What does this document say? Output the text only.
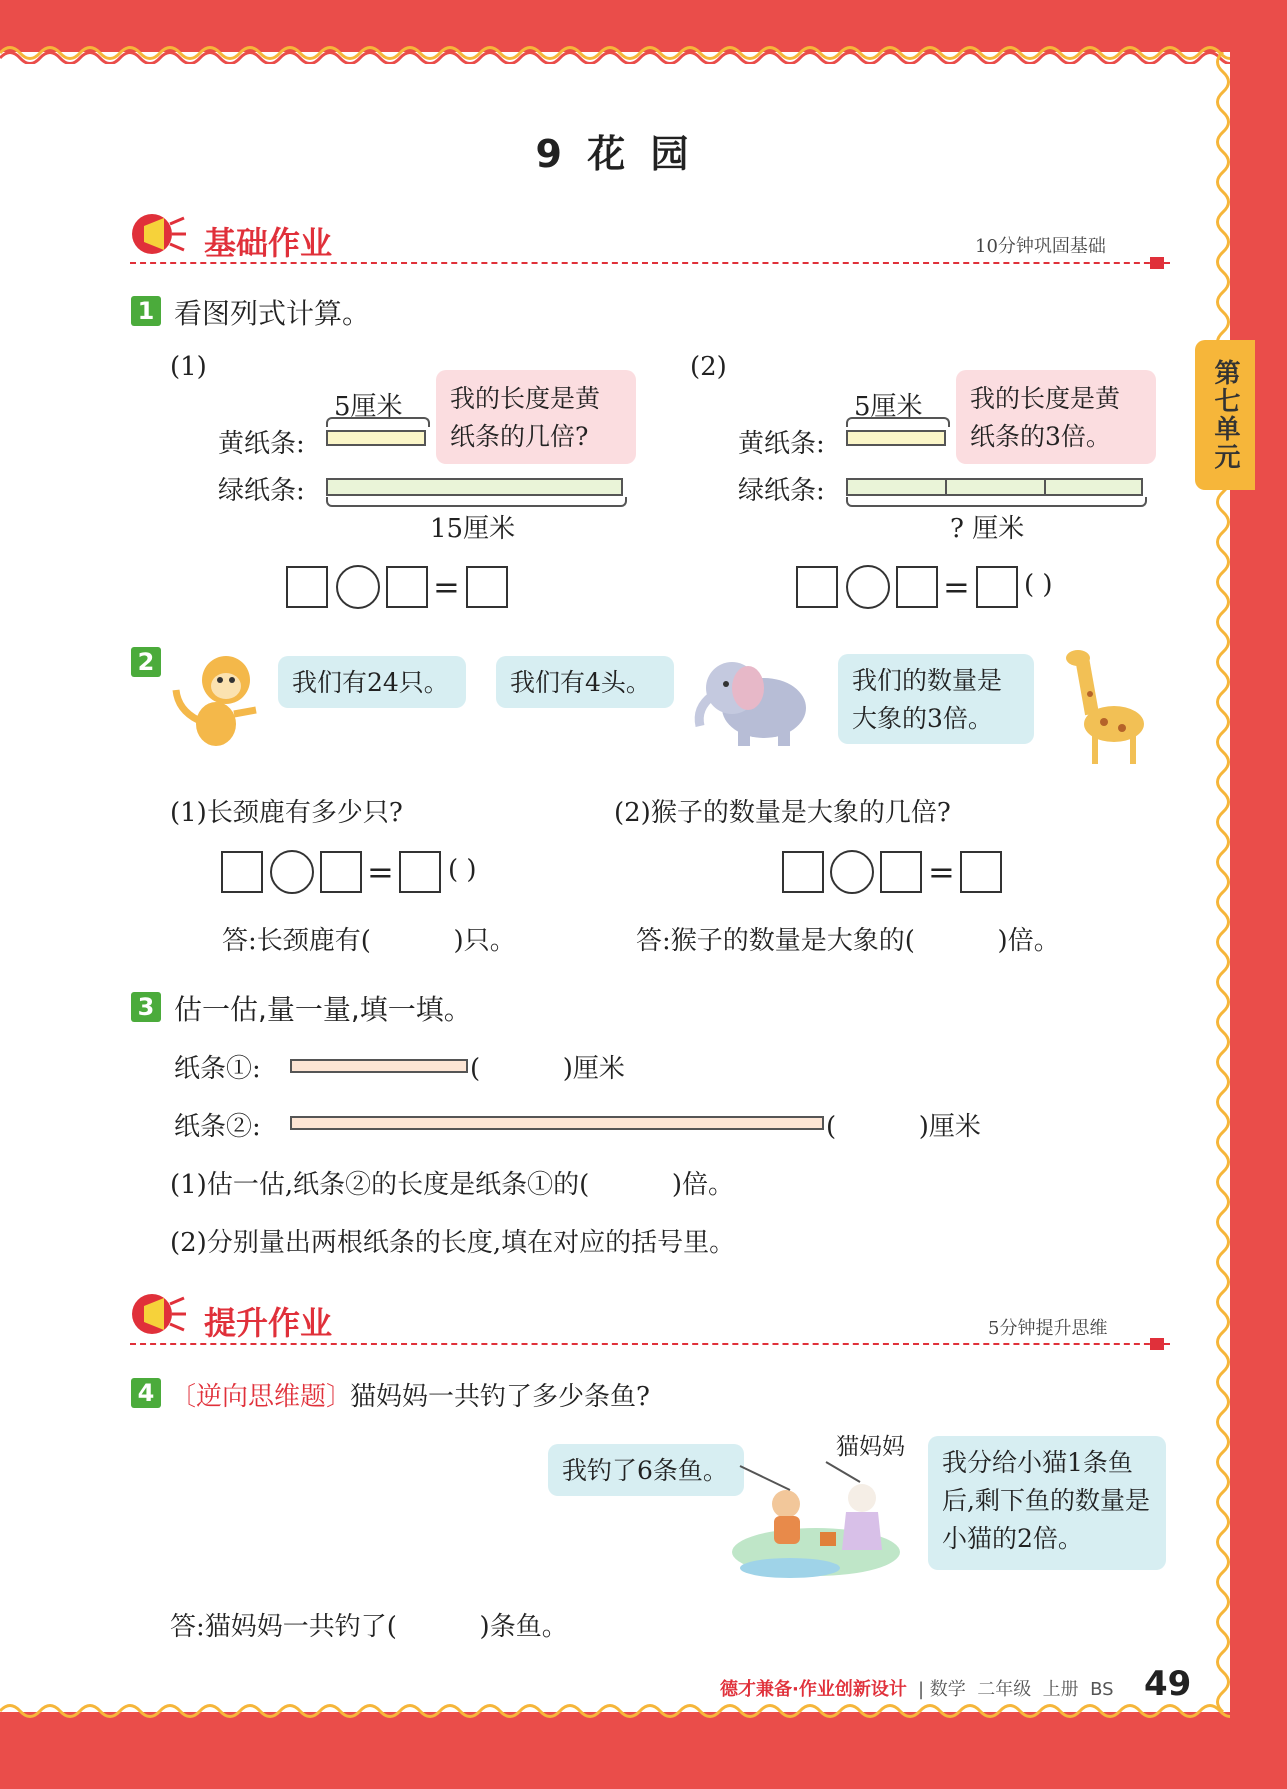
第七单元
9 花 园
基础作业	10分钟巩固基础
1 看图列式计算。
(1)
5厘米
黄纸条:
绿纸条:
15厘米
我的长度是黄纸条的几倍?
=
(2)
5厘米
黄纸条:
绿纸条:
? 厘米
我的长度是黄纸条的3倍。
= ( )
2
我们有24只。	我们有4头。	我们的数量是大象的3倍。
(1)长颈鹿有多少只?	(2)猴子的数量是大象的几倍?
= ( )	=
答:长颈鹿有(          )只。	答:猴子的数量是大象的(          )倍。
3 估一估,量一量,填一填。
纸条①:	(          )厘米
纸条②:	(          )厘米
(1)估一估,纸条②的长度是纸条①的(          )倍。
(2)分别量出两根纸条的长度,填在对应的括号里。
提升作业	5分钟提升思维
4 〔逆向思维题〕
猫妈妈一共钓了多少条鱼?
我钓了6条鱼。
猫妈妈
我分给小猫1条鱼后,剩下鱼的数量是小猫的2倍。
答:猫妈妈一共钓了(          )条鱼。
德才兼备·作业创新设计 | 数学  二年级  上册  BS 49
